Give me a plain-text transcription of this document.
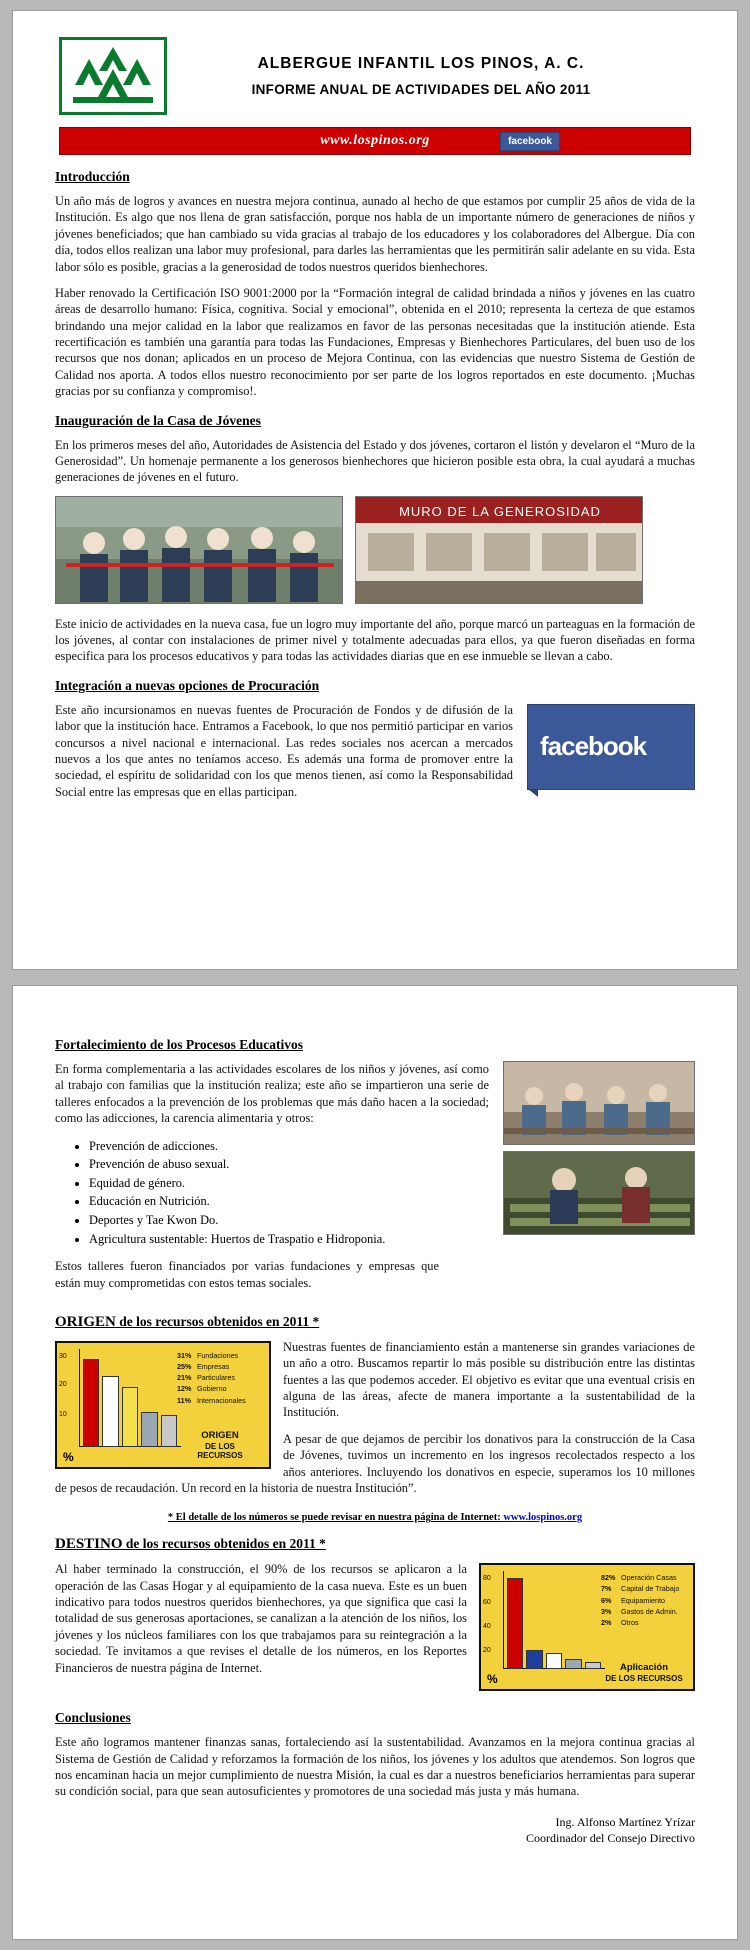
ALBERGUE INFANTIL LOS PINOS, A. C.
INFORME ANUAL DE ACTIVIDADES DEL AÑO 2011
www.lospinos.org	facebook
Introducción

Un año más de logros y avances en nuestra mejora continua, aunado al hecho de que estamos por cumplir 25 años de vida de la Institución. Es algo que nos llena de gran satisfacción, porque nos habla de un importante número de generaciones de niños y jóvenes beneficiados; que han cambiado su vida gracias al trabajo de los educadores y los colaboradores del Albergue. Día con día, todos ellos realizan una labor muy profesional, para darles las herramientas que les permitirán salir adelante en su vida. Esta labor sólo es posible, gracias a la generosidad de todos nuestros queridos bienhechores.

Haber renovado la Certificación ISO 9001:2000 por la “Formación integral de calidad brindada a niños y jóvenes en las cuatro áreas de desarrollo humano: Física, cognitiva. Social y emocional”, obtenida en el 2010; representa la certeza de que estamos brindando una mejor calidad en la labor que realizamos en favor de las personas necesitadas que la institución atiende. Esta recertificación es también una garantía para todas las Fundaciones, Empresas y Bienhechores Particulares, del buen uso de los recursos que nos donan; aplicados en un proceso de Mejora Continua, con las evidencias que nuestro Sistema de Gestión de Calidad nos aporta. A todos ellos nuestro reconocimiento por ser parte de los logros reportados en este documento. ¡Muchas gracias por su confianza y compromiso!.

Inauguración de la Casa de Jóvenes

En los primeros meses del año, Autoridades de Asistencia del Estado y dos jóvenes, cortaron el listón y develaron el “Muro de la Generosidad”. Un homenaje permanente a los generosos bienhechores que hicieron posible esta obra, la cual ayudará a muchas generaciones de jóvenes en el futuro.

MURO DE LA GENEROSIDAD

Este inicio de actividades en la nueva casa, fue un logro muy importante del año, porque marcó un parteaguas en la formación de los jóvenes, al contar con instalaciones de primer nivel y totalmente adecuadas para ellos, ya que fueron diseñadas en forma especifica para los procesos educativos y para todas las actividades diarias que en ese inmueble se llevan a cabo.

Integración a nuevas opciones de Procuración
facebook

Este año incursionamos en nuevas fuentes de Procuración de Fondos y de difusión de la labor que la institución hace. Entramos a Facebook, lo que nos permitió participar en varios concursos a nivel nacional e internacional. Las redes sociales nos acercan a mercados nuevos a los que antes no teníamos acceso. Es además una forma de promover entre la sociedad, el espíritu de solidaridad con los que menos tienen, así como la Responsabilidad Social entre las empresas que en ellas participan.

Fortalecimiento de los Procesos Educativos

En forma complementaria a las actividades escolares de los niños y jóvenes, así como al trabajo con familias que la institución realiza; este año se impartieron una serie de talleres enfocados a la prevención de los problemas que más daño hacen a la sociedad; como las adicciones, la carencia alimentaria y otros:

• Prevención de adicciones.
• Prevención de abuso sexual.
• Equidad de género.
• Educación en Nutrición.
• Deportes y Tae Kwon Do.
• Agricultura sustentable: Huertos de Traspatio e Hidroponia.

Estos talleres fueron financiados por varias fundaciones y empresas que están muy comprometidas con estos temas sociales.

ORIGEN de los recursos obtenidos en 2011 *
30
20
10
%
31% Fundaciones
25% Empresas
21% Particulares
12% Gobierno
11% Internacionales
ORIGEN
DE LOS
RECURSOS

Nuestras fuentes de financiamiento están a mantenerse sin grandes variaciones de un año a otro. Buscamos repartir lo más posible su distribución entre las distintas fuentes a las que podemos acceder. El objetivo es evitar que una eventual crisis en alguna de las áreas, afecte de manera importante a la sustentabilidad de la Institución.

A pesar de que dejamos de percibir los donativos para la construcción de la Casa de Jóvenes, tuvimos un incremento en los ingresos recolectados respecto a los años anteriores. Incluyendo los donativos en especie, superamos los 10 millones de pesos de recaudación. Un record en la historia de nuestra Institución”.

* El detalle de los números se puede revisar en nuestra página de Internet: www.lospinos.org
DESTINO de los recursos obtenidos en 2011 *
80
60
40
20
%
82% Operación Casas
7% Capital de Trabajo
6% Equipamiento
3% Gastos de Admin.
2% Otros
Aplicación
DE LOS RECURSOS

Al haber terminado la construcción, el 90% de los recursos se aplicaron a la operación de las Casas Hogar y al equipamiento de la casa nueva. Este es un buen indicativo para todos nuestros queridos bienhechores, ya que significa que casi la totalidad de sus generosas aportaciones, se canalizan a la atención de los niños, los jóvenes y los núcleos familiares con los que trabajamos para su reintegración a la sociedad. Te invitamos a que revises el detalle de los números, en los Reportes Financieros de nuestra página de Internet.

Conclusiones

Este año logramos mantener finanzas sanas, fortaleciendo así la sustentabilidad. Avanzamos en la mejora continua gracias al Sistema de Gestión de Calidad y reforzamos la formación de los niños, los jóvenes y los adultos que atendemos. Son logros que nos encaminan hacia un mejor cumplimiento de nuestra Misión, la cual es dar a nuestros beneficiarios herramientas para superar su condición social, para que sean autosuficientes y promotores de una sociedad más justa y más humana.

Ing. Alfonso Martínez Yrízar
Coordinador del Consejo Directivo
